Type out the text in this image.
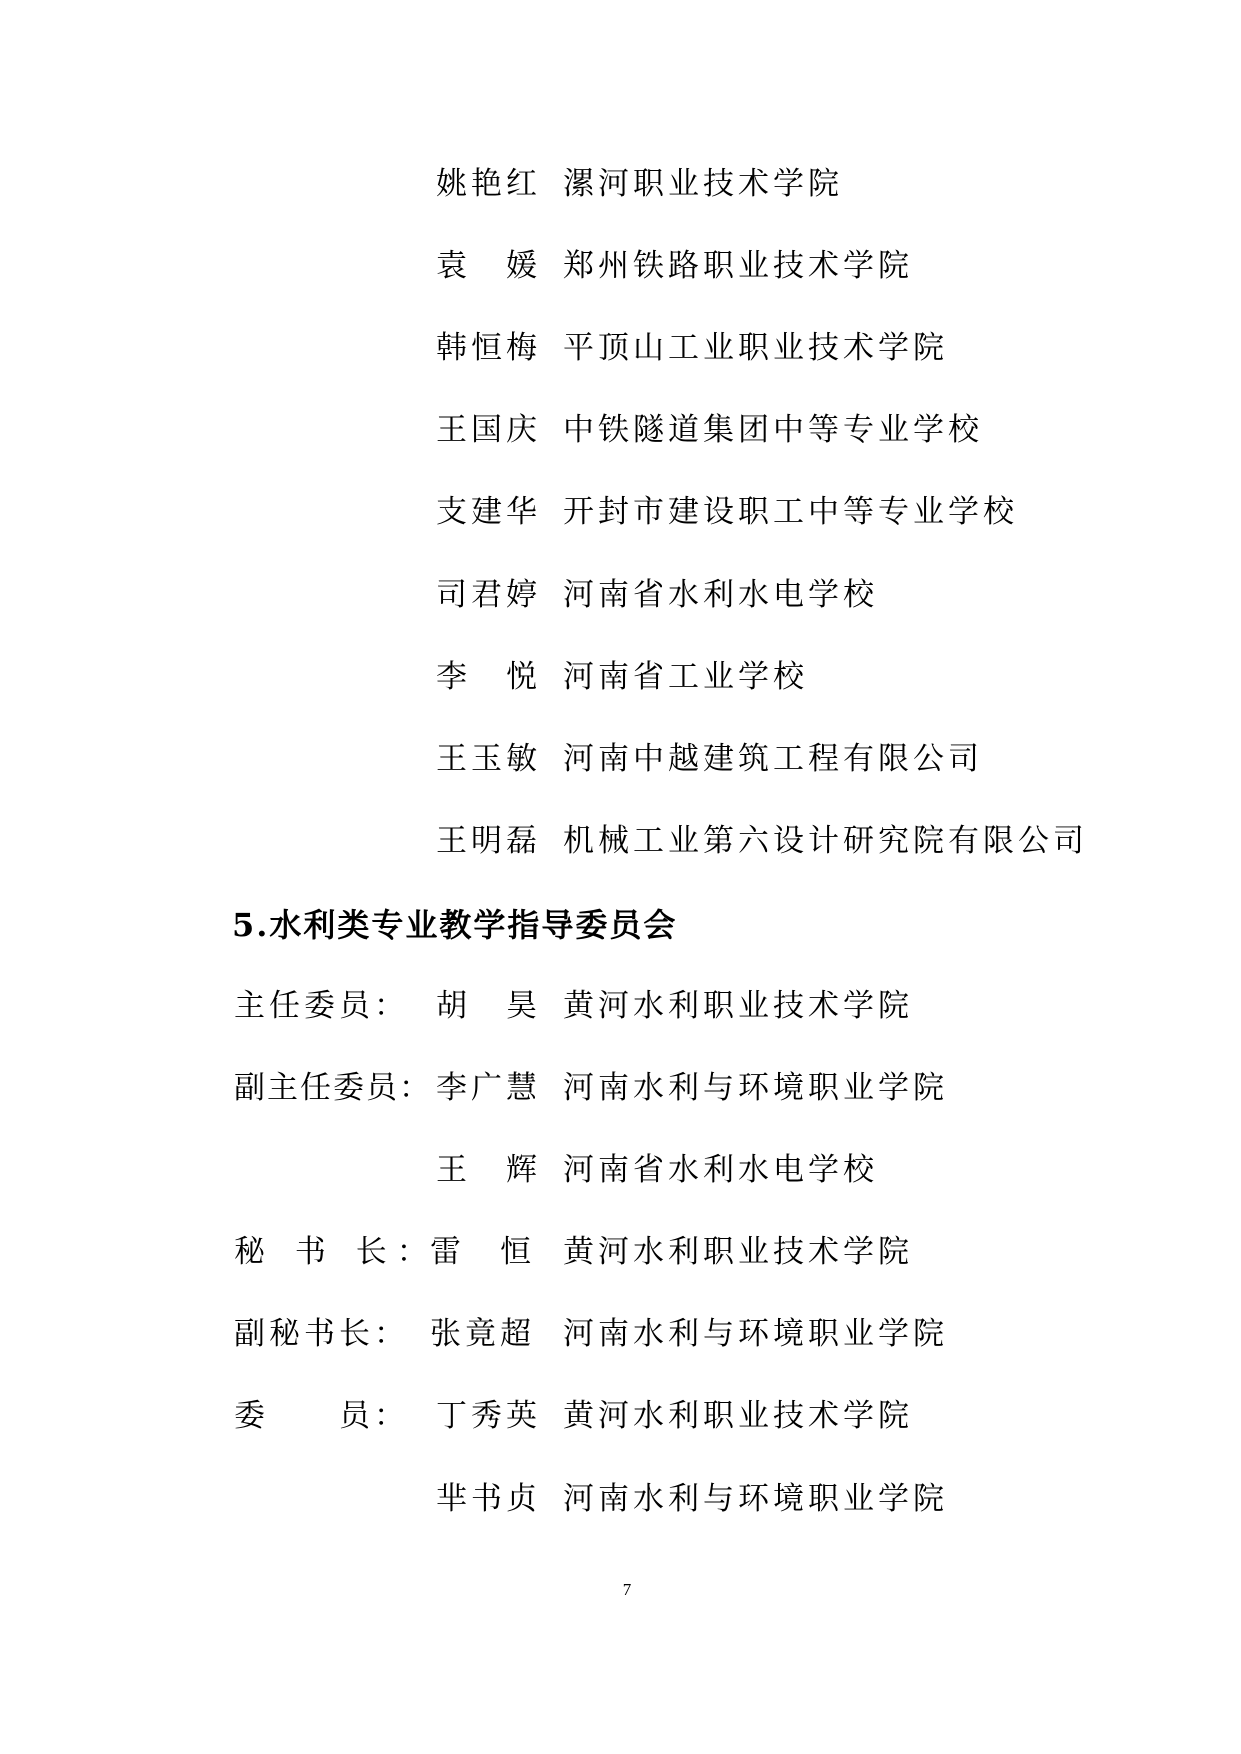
姚艳红 漯河职业技术学院
袁　媛 郑州铁路职业技术学院
韩恒梅 平顶山工业职业技术学院
王国庆 中铁隧道集团中等专业学校
支建华 开封市建设职工中等专业学校
司君婷 河南省水利水电学校
李　悦 河南省工业学校
王玉敏 河南中越建筑工程有限公司
王明磊 机械工业第六设计研究院有限公司
5.水利类专业教学指导委员会
主任委员： 胡　昊 黄河水利职业技术学院
副主任委员： 李广慧 河南水利与环境职业学院
王　辉 河南省水利水电学校
秘 书 长：
雷　恒 黄河水利职业技术学院
副秘书长： 张竟超 河南水利与环境职业学院
委　　员： 丁秀英 黄河水利职业技术学院
芈书贞 河南水利与环境职业学院
7
